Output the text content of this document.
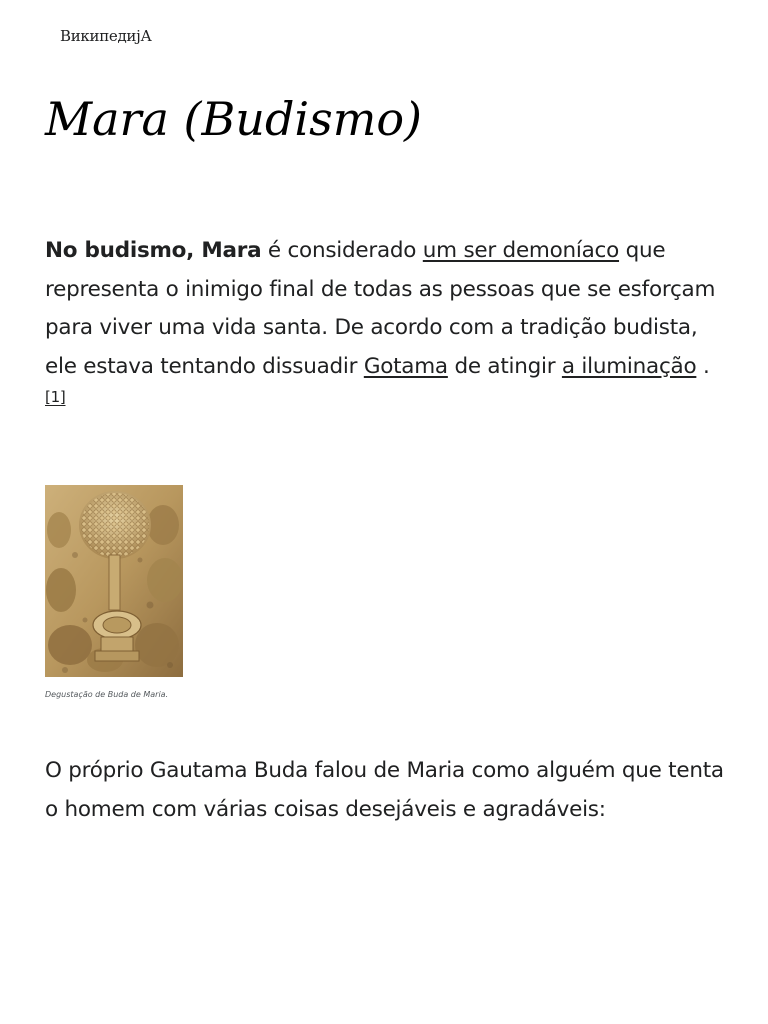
ВикипедијА
Mara (Budismo)

No budismo, Mara é considerado um ser demoníaco que representa o inimigo final de todas as pessoas que se esforçam para viver uma vida santa. De acordo com a tradição budista, ele estava tentando dissuadir Gotama de atingir a iluminação . [1]

Degustação de Buda de Maria.

O próprio Gautama Buda falou de Maria como alguém que tenta o homem com várias coisas desejáveis e agradáveis:
